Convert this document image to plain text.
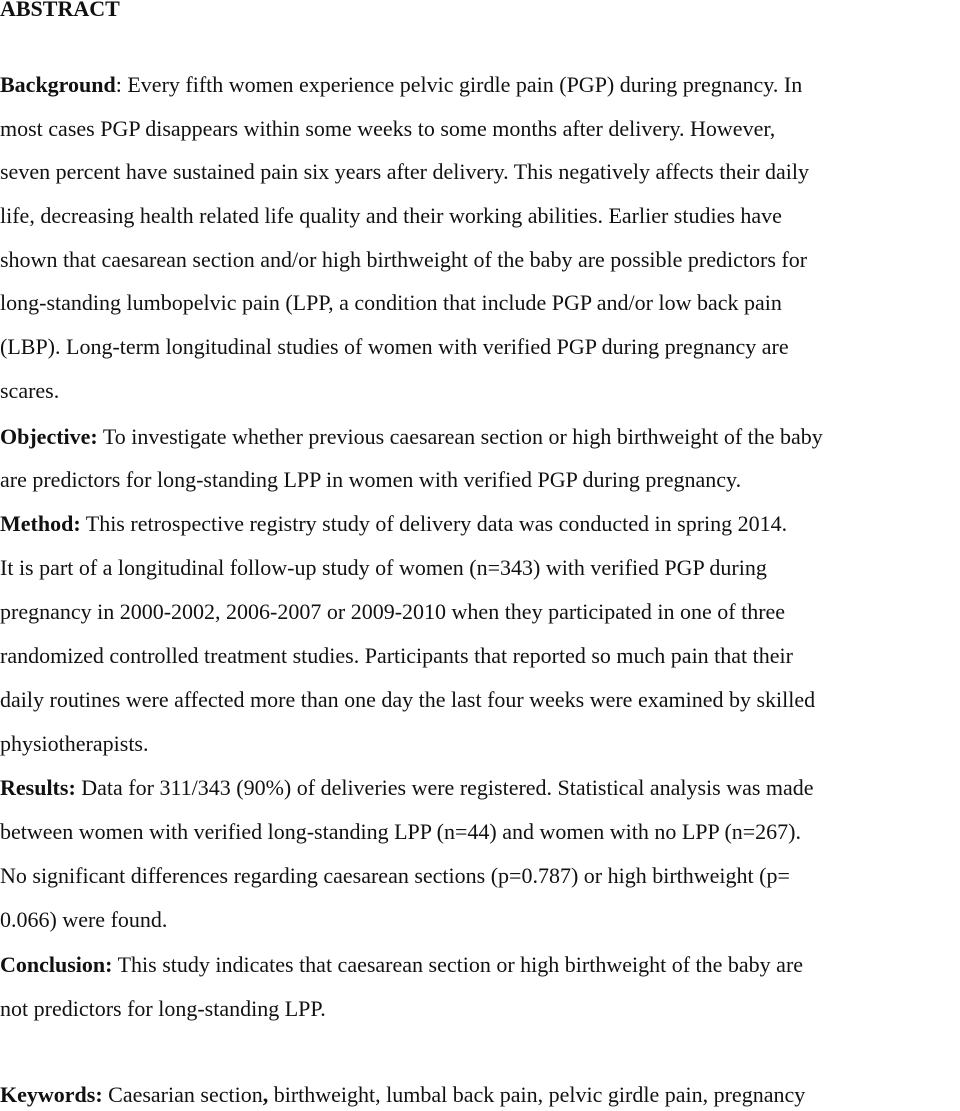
ABSTRACT

Background: Every fifth women experience pelvic girdle pain (PGP) during pregnancy. In

most cases PGP disappears within some weeks to some months after delivery. However,

seven percent have sustained pain six years after delivery. This negatively affects their daily

life, decreasing health related life quality and their working abilities. Earlier studies have

shown that caesarean section and/or high birthweight of the baby are possible predictors for

long-standing lumbopelvic pain (LPP, a condition that include PGP and/or low back pain

(LBP). Long-term longitudinal studies of women with verified PGP during pregnancy are

scares.

Objective: To investigate whether previous caesarean section or high birthweight of the baby

are predictors for long-standing LPP in women with verified PGP during pregnancy.

Method: This retrospective registry study of delivery data was conducted in spring 2014.

It is part of a longitudinal follow-up study of women (n=343) with verified PGP during

pregnancy in 2000-2002, 2006-2007 or 2009-2010 when they participated in one of three

randomized controlled treatment studies. Participants that reported so much pain that their

daily routines were affected more than one day the last four weeks were examined by skilled

physiotherapists.

Results: Data for 311/343 (90%) of deliveries were registered. Statistical analysis was made

between women with verified long-standing LPP (n=44) and women with no LPP (n=267).

No significant differences regarding caesarean sections (p=0.787) or high birthweight (p=

0.066) were found.

Conclusion: This study indicates that caesarean section or high birthweight of the baby are

not predictors for long-standing LPP.

Keywords: Caesarian section, birthweight, lumbal back pain, pelvic girdle pain, pregnancy
